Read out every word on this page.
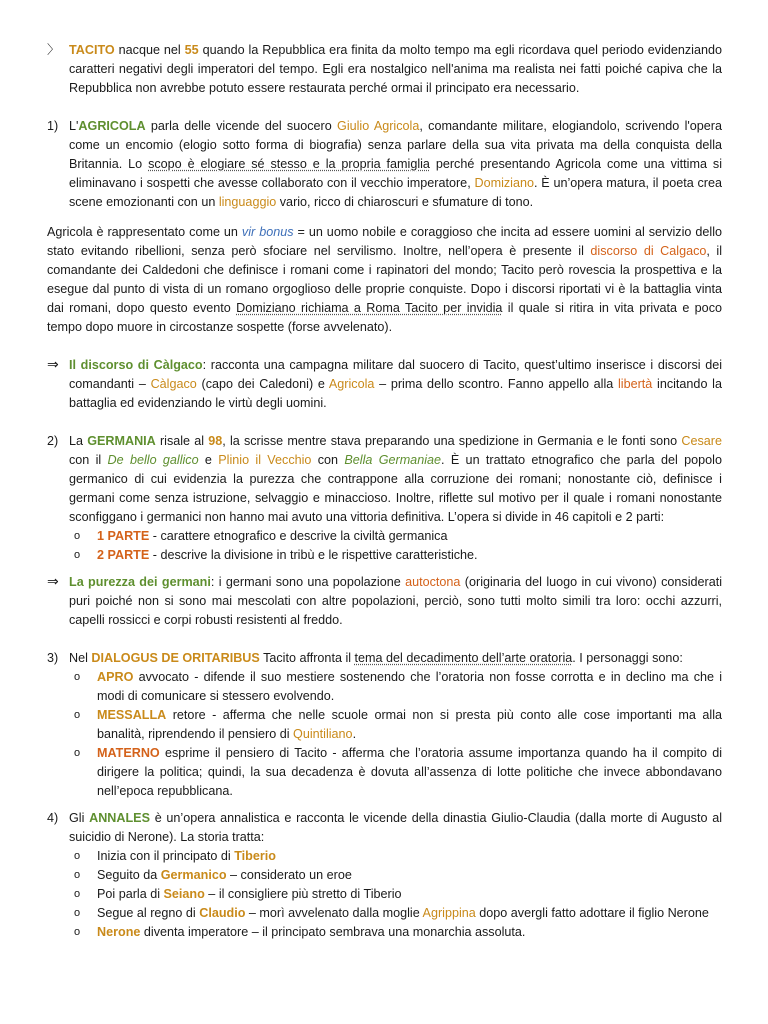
〉 TACITO nacque nel 55 quando la Repubblica era finita da molto tempo ma egli ricordava quel periodo evidenziando caratteri negativi degli imperatori del tempo. Egli era nostalgico nell'anima ma realista nei fatti poiché capiva che la Repubblica non avrebbe potuto essere restaurata perché ormai il principato era necessario.

1) L'AGRICOLA parla delle vicende del suocero Giulio Agricola, comandante militare, elogiandolo, scrivendo l'opera come un encomio (elogio sotto forma di biografia) senza parlare della sua vita privata ma della conquista della Britannia. Lo scopo è elogiare sé stesso e la propria famiglia perché presentando Agricola come una vittima si eliminavano i sospetti che avesse collaborato con il vecchio imperatore, Domiziano. È un’opera matura, il poeta crea scene emozionanti con un linguaggio vario, ricco di chiaroscuri e sfumature di tono.

Agricola è rappresentato come un vir bonus = un uomo nobile e coraggioso che incita ad essere uomini al servizio dello stato evitando ribellioni, senza però sfociare nel servilismo. Inoltre, nell’opera è presente il discorso di Calgaco, il comandante dei Caldedoni che definisce i romani come i rapinatori del mondo; Tacito però rovescia la prospettiva e la esegue dal punto di vista di un romano orgoglioso delle proprie conquiste. Dopo i discorsi riportati vi è la battaglia vinta dai romani, dopo questo evento Domiziano richiama a Roma Tacito per invidia il quale si ritira in vita privata e poco tempo dopo muore in circostanze sospette (forse avvelenato).

⇒ Il discorso di Càlgaco: racconta una campagna militare dal suocero di Tacito, quest’ultimo inserisce i discorsi dei comandanti – Càlgaco (capo dei Caledoni) e Agricola – prima dello scontro. Fanno appello alla libertà incitando la battaglia ed evidenziando le virtù degli uomini.

2) La GERMANIA risale al 98, la scrisse mentre stava preparando una spedizione in Germania e le fonti sono Cesare con il De bello gallico e Plinio il Vecchio con Bella Germaniae. È un trattato etnografico che parla del popolo germanico di cui evidenzia la purezza che contrappone alla corruzione dei romani; nonostante ciò, definisce i germani come senza istruzione, selvaggio e minaccioso. Inoltre, riflette sul motivo per il quale i romani nonostante sconfiggano i germanici non hanno mai avuto una vittoria definitiva. L’opera si divide in 46 capitoli e 2 parti:

o 1 PARTE - carattere etnografico e descrive la civiltà germanica
o 2 PARTE - descrive la divisione in tribù e le rispettive caratteristiche.
⇒ La purezza dei germani: i germani sono una popolazione autoctona (originaria del luogo in cui vivono) considerati puri poiché non si sono mai mescolati con altre popolazioni, perciò, sono tutti molto simili tra loro: occhi azzurri, capelli rossicci e corpi robusti resistenti al freddo.

3) Nel DIALOGUS DE ORITARIBUS Tacito affronta il tema del decadimento dell’arte oratoria. I personaggi sono:

o APRO avvocato - difende il suo mestiere sostenendo che l’oratoria non fosse corrotta e in declino ma che i modi di comunicare si stessero evolvendo.
o MESSALLA retore - afferma che nelle scuole ormai non si presta più conto alle cose importanti ma alla banalità, riprendendo il pensiero di Quintiliano.
o MATERNO esprime il pensiero di Tacito - afferma che l’oratoria assume importanza quando ha il compito di dirigere la politica; quindi, la sua decadenza è dovuta all’assenza di lotte politiche che invece abbondavano nell’epoca repubblicana.
4) Gli ANNALES è un’opera annalistica e racconta le vicende della dinastia Giulio-Claudia (dalla morte di Augusto al suicidio di Nerone). La storia tratta:

o Inizia con il principato di Tiberio
o Seguito da Germanico – considerato un eroe
o Poi parla di Seiano – il consigliere più stretto di Tiberio
o Segue al regno di Claudio – morì avvelenato dalla moglie Agrippina dopo avergli fatto adottare il figlio Nerone
o Nerone diventa imperatore – il principato sembrava una monarchia assoluta.
